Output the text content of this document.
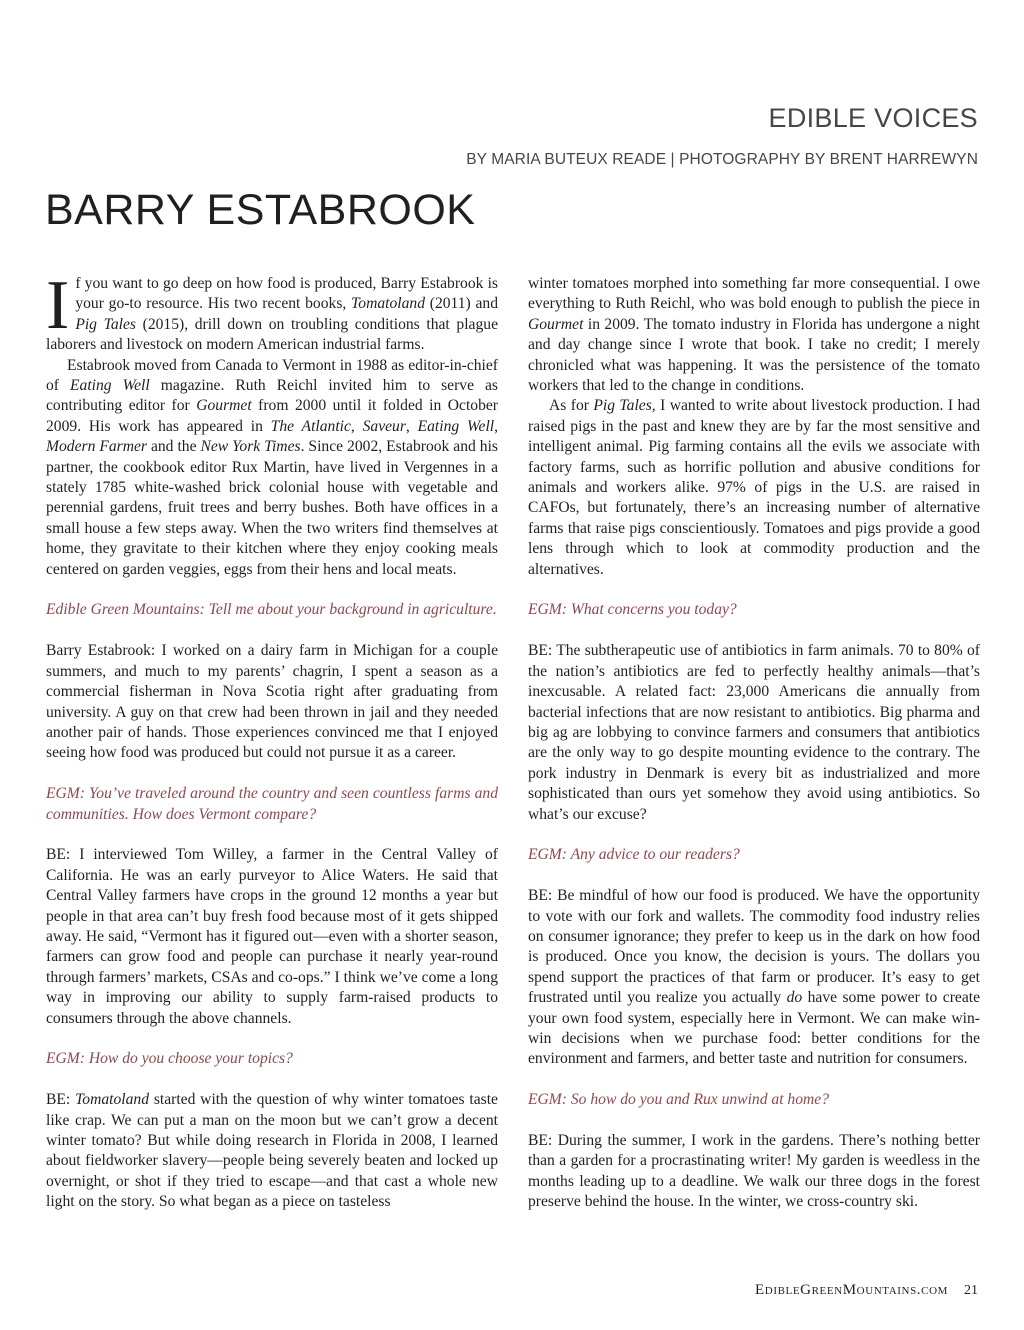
EDIBLE VOICES
BY MARIA BUTEUX READE | PHOTOGRAPHY BY BRENT HARREWYN
BARRY ESTABROOK

If you want to go deep on how food is produced, Barry Estabrook is your go-to resource. His two recent books, Tomatoland (2011) and Pig Tales (2015), drill down on troubling conditions that plague laborers and livestock on modern American industrial farms.

Estabrook moved from Canada to Vermont in 1988 as editor-in-chief of Eating Well magazine. Ruth Reichl invited him to serve as contributing editor for Gourmet from 2000 until it folded in October 2009. His work has appeared in The Atlantic, Saveur, Eating Well, Modern Farmer and the New York Times. Since 2002, Estabrook and his partner, the cookbook editor Rux Martin, have lived in Vergennes in a stately 1785 white-washed brick colonial house with vegetable and perennial gardens, fruit trees and berry bushes. Both have offices in a small house a few steps away. When the two writers find themselves at home, they gravitate to their kitchen where they enjoy cooking meals centered on garden veggies, eggs from their hens and local meats.

Edible Green Mountains: Tell me about your background in agriculture.

Barry Estabrook: I worked on a dairy farm in Michigan for a couple summers, and much to my parents’ chagrin, I spent a season as a commercial fisherman in Nova Scotia right after graduating from university. A guy on that crew had been thrown in jail and they needed another pair of hands. Those experiences convinced me that I enjoyed seeing how food was produced but could not pursue it as a career.

EGM: You’ve traveled around the country and seen countless farms and communities. How does Vermont compare?

BE: I interviewed Tom Willey, a farmer in the Central Valley of California. He was an early purveyor to Alice Waters. He said that Central Valley farmers have crops in the ground 12 months a year but people in that area can’t buy fresh food because most of it gets shipped away. He said, “Vermont has it figured out—even with a shorter season, farmers can grow food and people can purchase it nearly year-round through farmers’ markets, CSAs and co-ops.” I think we’ve come a long way in improving our ability to supply farm-raised products to consumers through the above channels.

EGM: How do you choose your topics?

BE: Tomatoland started with the question of why winter tomatoes taste like crap. We can put a man on the moon but we can’t grow a decent winter tomato? But while doing research in Florida in 2008, I learned about fieldworker slavery—people being severely beaten and locked up overnight, or shot if they tried to escape—and that cast a whole new light on the story. So what began as a piece on tasteless

winter tomatoes morphed into something far more consequential. I owe everything to Ruth Reichl, who was bold enough to publish the piece in Gourmet in 2009. The tomato industry in Florida has undergone a night and day change since I wrote that book. I take no credit; I merely chronicled what was happening. It was the persistence of the tomato workers that led to the change in conditions.

As for Pig Tales, I wanted to write about livestock production. I had raised pigs in the past and knew they are by far the most sensitive and intelligent animal. Pig farming contains all the evils we associate with factory farms, such as horrific pollution and abusive conditions for animals and workers alike. 97% of pigs in the U.S. are raised in CAFOs, but fortunately, there’s an increasing number of alternative farms that raise pigs conscientiously. Tomatoes and pigs provide a good lens through which to look at commodity production and the alternatives.

EGM: What concerns you today?

BE: The subtherapeutic use of antibiotics in farm animals. 70 to 80% of the nation’s antibiotics are fed to perfectly healthy animals—that’s inexcusable. A related fact: 23,000 Americans die annually from bacterial infections that are now resistant to antibiotics. Big pharma and big ag are lobbying to convince farmers and consumers that antibiotics are the only way to go despite mounting evidence to the contrary. The pork industry in Denmark is every bit as industrialized and more sophisticated than ours yet somehow they avoid using antibiotics. So what’s our excuse?

EGM: Any advice to our readers?

BE: Be mindful of how our food is produced. We have the opportunity to vote with our fork and wallets. The commodity food industry relies on consumer ignorance; they prefer to keep us in the dark on how food is produced. Once you know, the decision is yours. The dollars you spend support the practices of that farm or producer. It’s easy to get frustrated until you realize you actually do have some power to create your own food system, especially here in Vermont. We can make win-win decisions when we purchase food: better conditions for the environment and farmers, and better taste and nutrition for consumers.

EGM: So how do you and Rux unwind at home?

BE: During the summer, I work in the gardens. There’s nothing better than a garden for a procrastinating writer! My garden is weedless in the months leading up to a deadline. We walk our three dogs in the forest preserve behind the house. In the winter, we cross-country ski.

EdibleGreenMountains.com 21
